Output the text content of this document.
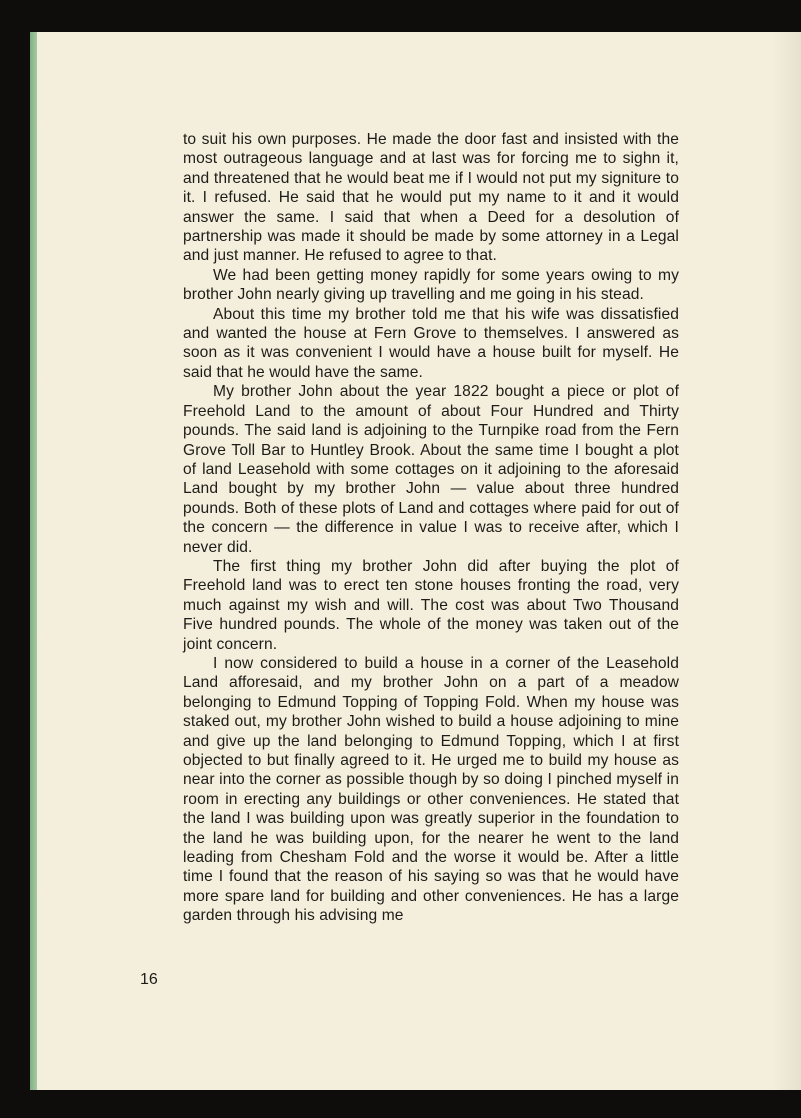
to suit his own purposes. He made the door fast and insisted with the most outrageous language and at last was for forcing me to sighn it, and threatened that he would beat me if I would not put my signiture to it. I refused. He said that he would put my name to it and it would answer the same. I said that when a Deed for a desolution of partnership was made it should be made by some attorney in a Legal and just manner. He refused to agree to that.

We had been getting money rapidly for some years owing to my brother John nearly giving up travelling and me going in his stead.

About this time my brother told me that his wife was dissatisfied and wanted the house at Fern Grove to themselves. I answered as soon as it was convenient I would have a house built for myself. He said that he would have the same.

My brother John about the year 1822 bought a piece or plot of Freehold Land to the amount of about Four Hundred and Thirty pounds. The said land is adjoining to the Turnpike road from the Fern Grove Toll Bar to Huntley Brook. About the same time I bought a plot of land Leasehold with some cottages on it adjoining to the aforesaid Land bought by my brother John — value about three hundred pounds. Both of these plots of Land and cottages where paid for out of the concern — the difference in value I was to receive after, which I never did.

The first thing my brother John did after buying the plot of Freehold land was to erect ten stone houses fronting the road, very much against my wish and will. The cost was about Two Thousand Five hundred pounds. The whole of the money was taken out of the joint concern.

I now considered to build a house in a corner of the Leasehold Land afforesaid, and my brother John on a part of a meadow belonging to Edmund Topping of Topping Fold. When my house was staked out, my brother John wished to build a house adjoining to mine and give up the land belonging to Edmund Topping, which I at first objected to but finally agreed to it. He urged me to build my house as near into the corner as possible though by so doing I pinched myself in room in erecting any buildings or other conveniences. He stated that the land I was building upon was greatly superior in the foundation to the land he was building upon, for the nearer he went to the land leading from Chesham Fold and the worse it would be. After a little time I found that the reason of his saying so was that he would have more spare land for building and other conveniences. He has a large garden through his advising me

16
